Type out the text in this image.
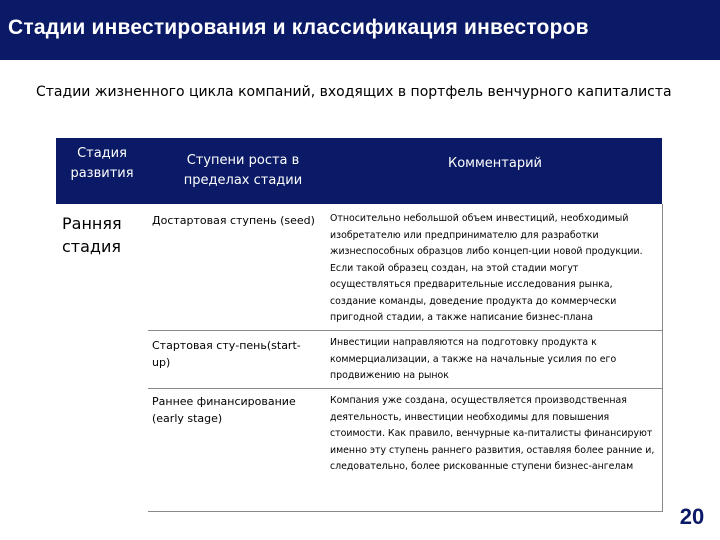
Стадии инвестирования и классификация инвесторов
Стадии жизненного цикла компаний, входящих в портфель венчурного капиталиста
Стадия развития
Ступени роста в пределах стадии
Комментарий
Ранняя стадия
Достартовая ступень (seed) Относительно небольшой объем инвестиций, необходимый изобретателю или предпринимателю для разработки жизнеспособных образцов либо концеп-ции новой продукции. Если такой образец создан, на этой стадии могут осуществляться предварительные исследования рынка, создание команды, доведение продукта до коммерчески пригодной стадии, а также написание бизнес-плана
Стартовая сту-пень(start-up)
Инвестиции направляются на подготовку продукта к коммерциализации, а также на начальные усилия по его продвижению на рынок
Раннее финансирование (early stage)
Компания уже создана, осуществляется производственная деятельность, инвестиции необходимы для повышения стоимости. Как правило, венчурные ка-питалисты финансируют именно эту ступень раннего развития, оставляя более ранние и, следовательно, более рискованные ступени бизнес-ангелам
20
